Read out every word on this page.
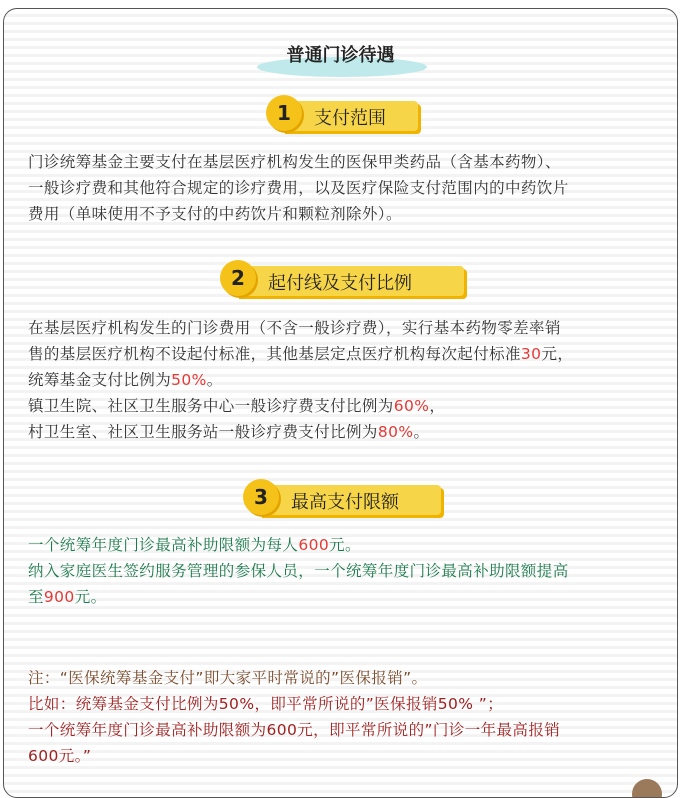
普通门诊待遇
1	支付范围
门诊统筹基金主要支付在基层医疗机构发生的医保甲类药品（含基本药物）、
一般诊疗费和其他符合规定的诊疗费用，以及医疗保险支付范围内的中药饮片
费用（单味使用不予支付的中药饮片和颗粒剂除外）。
2	起付线及支付比例
在基层医疗机构发生的门诊费用（不含一般诊疗费），实行基本药物零差率销
售的基层医疗机构不设起付标准，其他基层定点医疗机构每次起付标准30元，
统筹基金支付比例为50%。
镇卫生院、社区卫生服务中心一般诊疗费支付比例为60%，
村卫生室、社区卫生服务站一般诊疗费支付比例为80%。
3	最高支付限额
一个统筹年度门诊最高补助限额为每人600元。
纳入家庭医生签约服务管理的参保人员，一个统筹年度门诊最高补助限额提高
至900元。
注：“医保统筹基金支付”即大家平时常说的”医保报销”。
比如：统筹基金支付比例为50%，即平常所说的”医保报销50% ”；
一个统筹年度门诊最高补助限额为600元，即平常所说的”门诊一年最高报销
600元。”
